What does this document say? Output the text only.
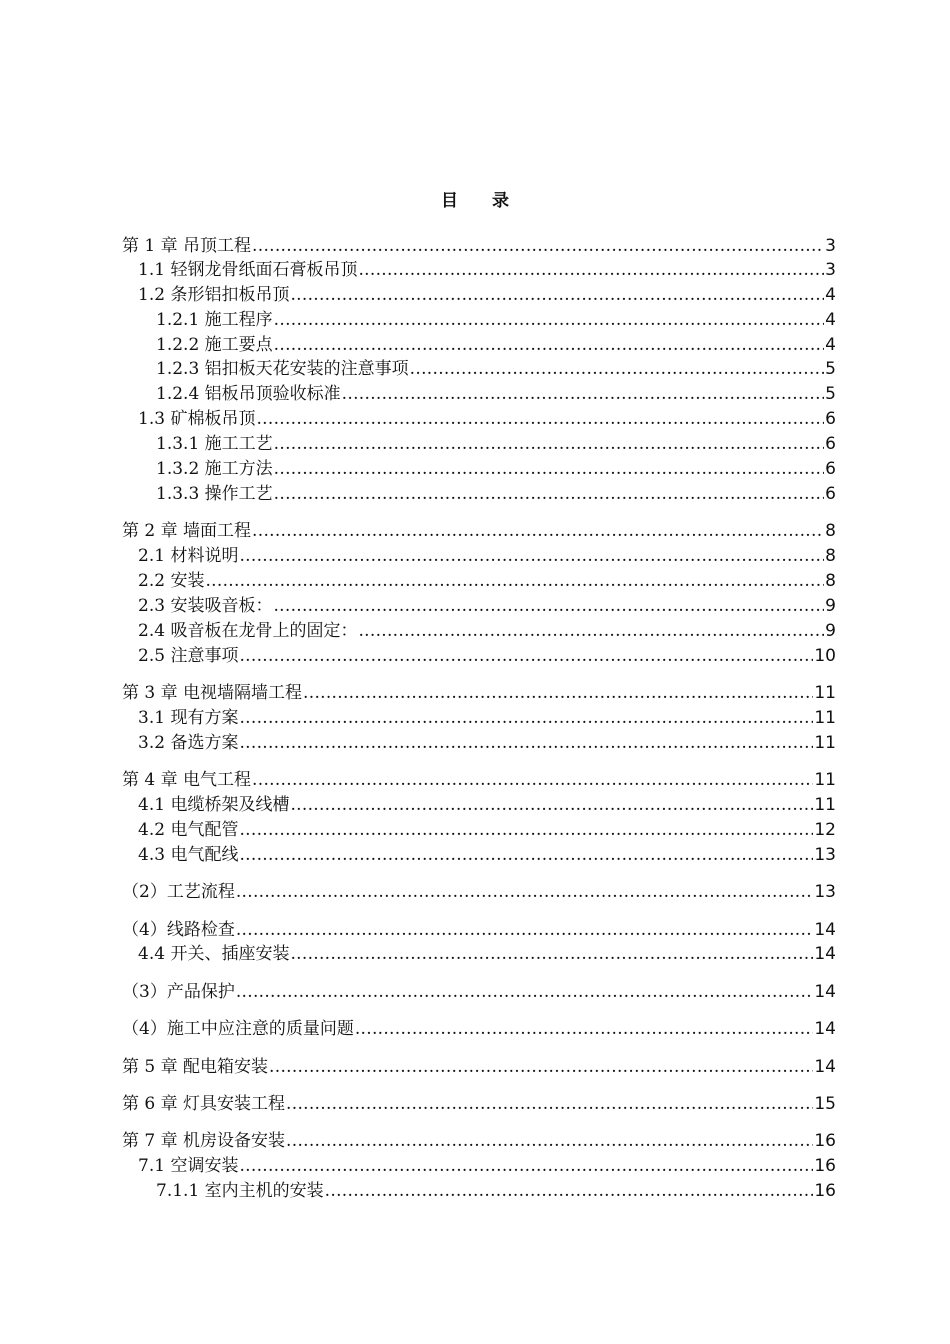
目 录
第 1 章 吊顶工程 .....	3
1.1 轻钢龙骨纸面石膏板吊顶 .....	3
1.2 条形铝扣板吊顶 .....	4
1.2.1 施工程序 .....	4
1.2.2 施工要点 .....	4
1.2.3 铝扣板天花安装的注意事项 .....	5
1.2.4 铝板吊顶验收标准 .....	5
1.3 矿棉板吊顶 .....	6
1.3.1 施工工艺 .....	6
1.3.2 施工方法 .....	6
1.3.3 操作工艺 .....	6
第 2 章 墙面工程 .....	8
2.1 材料说明 .....	8
2.2 安装 .....	8
2.3 安装吸音板： .....	9
2.4 吸音板在龙骨上的固定： .....	9
2.5 注意事项 .....	10
第 3 章 电视墙隔墙工程 .....	11
3.1 现有方案 .....	11
3.2 备选方案 .....	11
第 4 章 电气工程 .....	11
4.1 电缆桥架及线槽 .....	11
4.2 电气配管 .....	12
4.3 电气配线 .....	13
（2）工艺流程 .....	13
（4）线路检查 .....	14
4.4 开关、插座安装 .....	14
（3）产品保护 .....	14
（4）施工中应注意的质量问题 .....	14
第 5 章 配电箱安装 .....	14
第 6 章 灯具安装工程 .....	15
第 7 章 机房设备安装 .....	16
7.1 空调安装 .....	16
7.1.1 室内主机的安装 .....	16
